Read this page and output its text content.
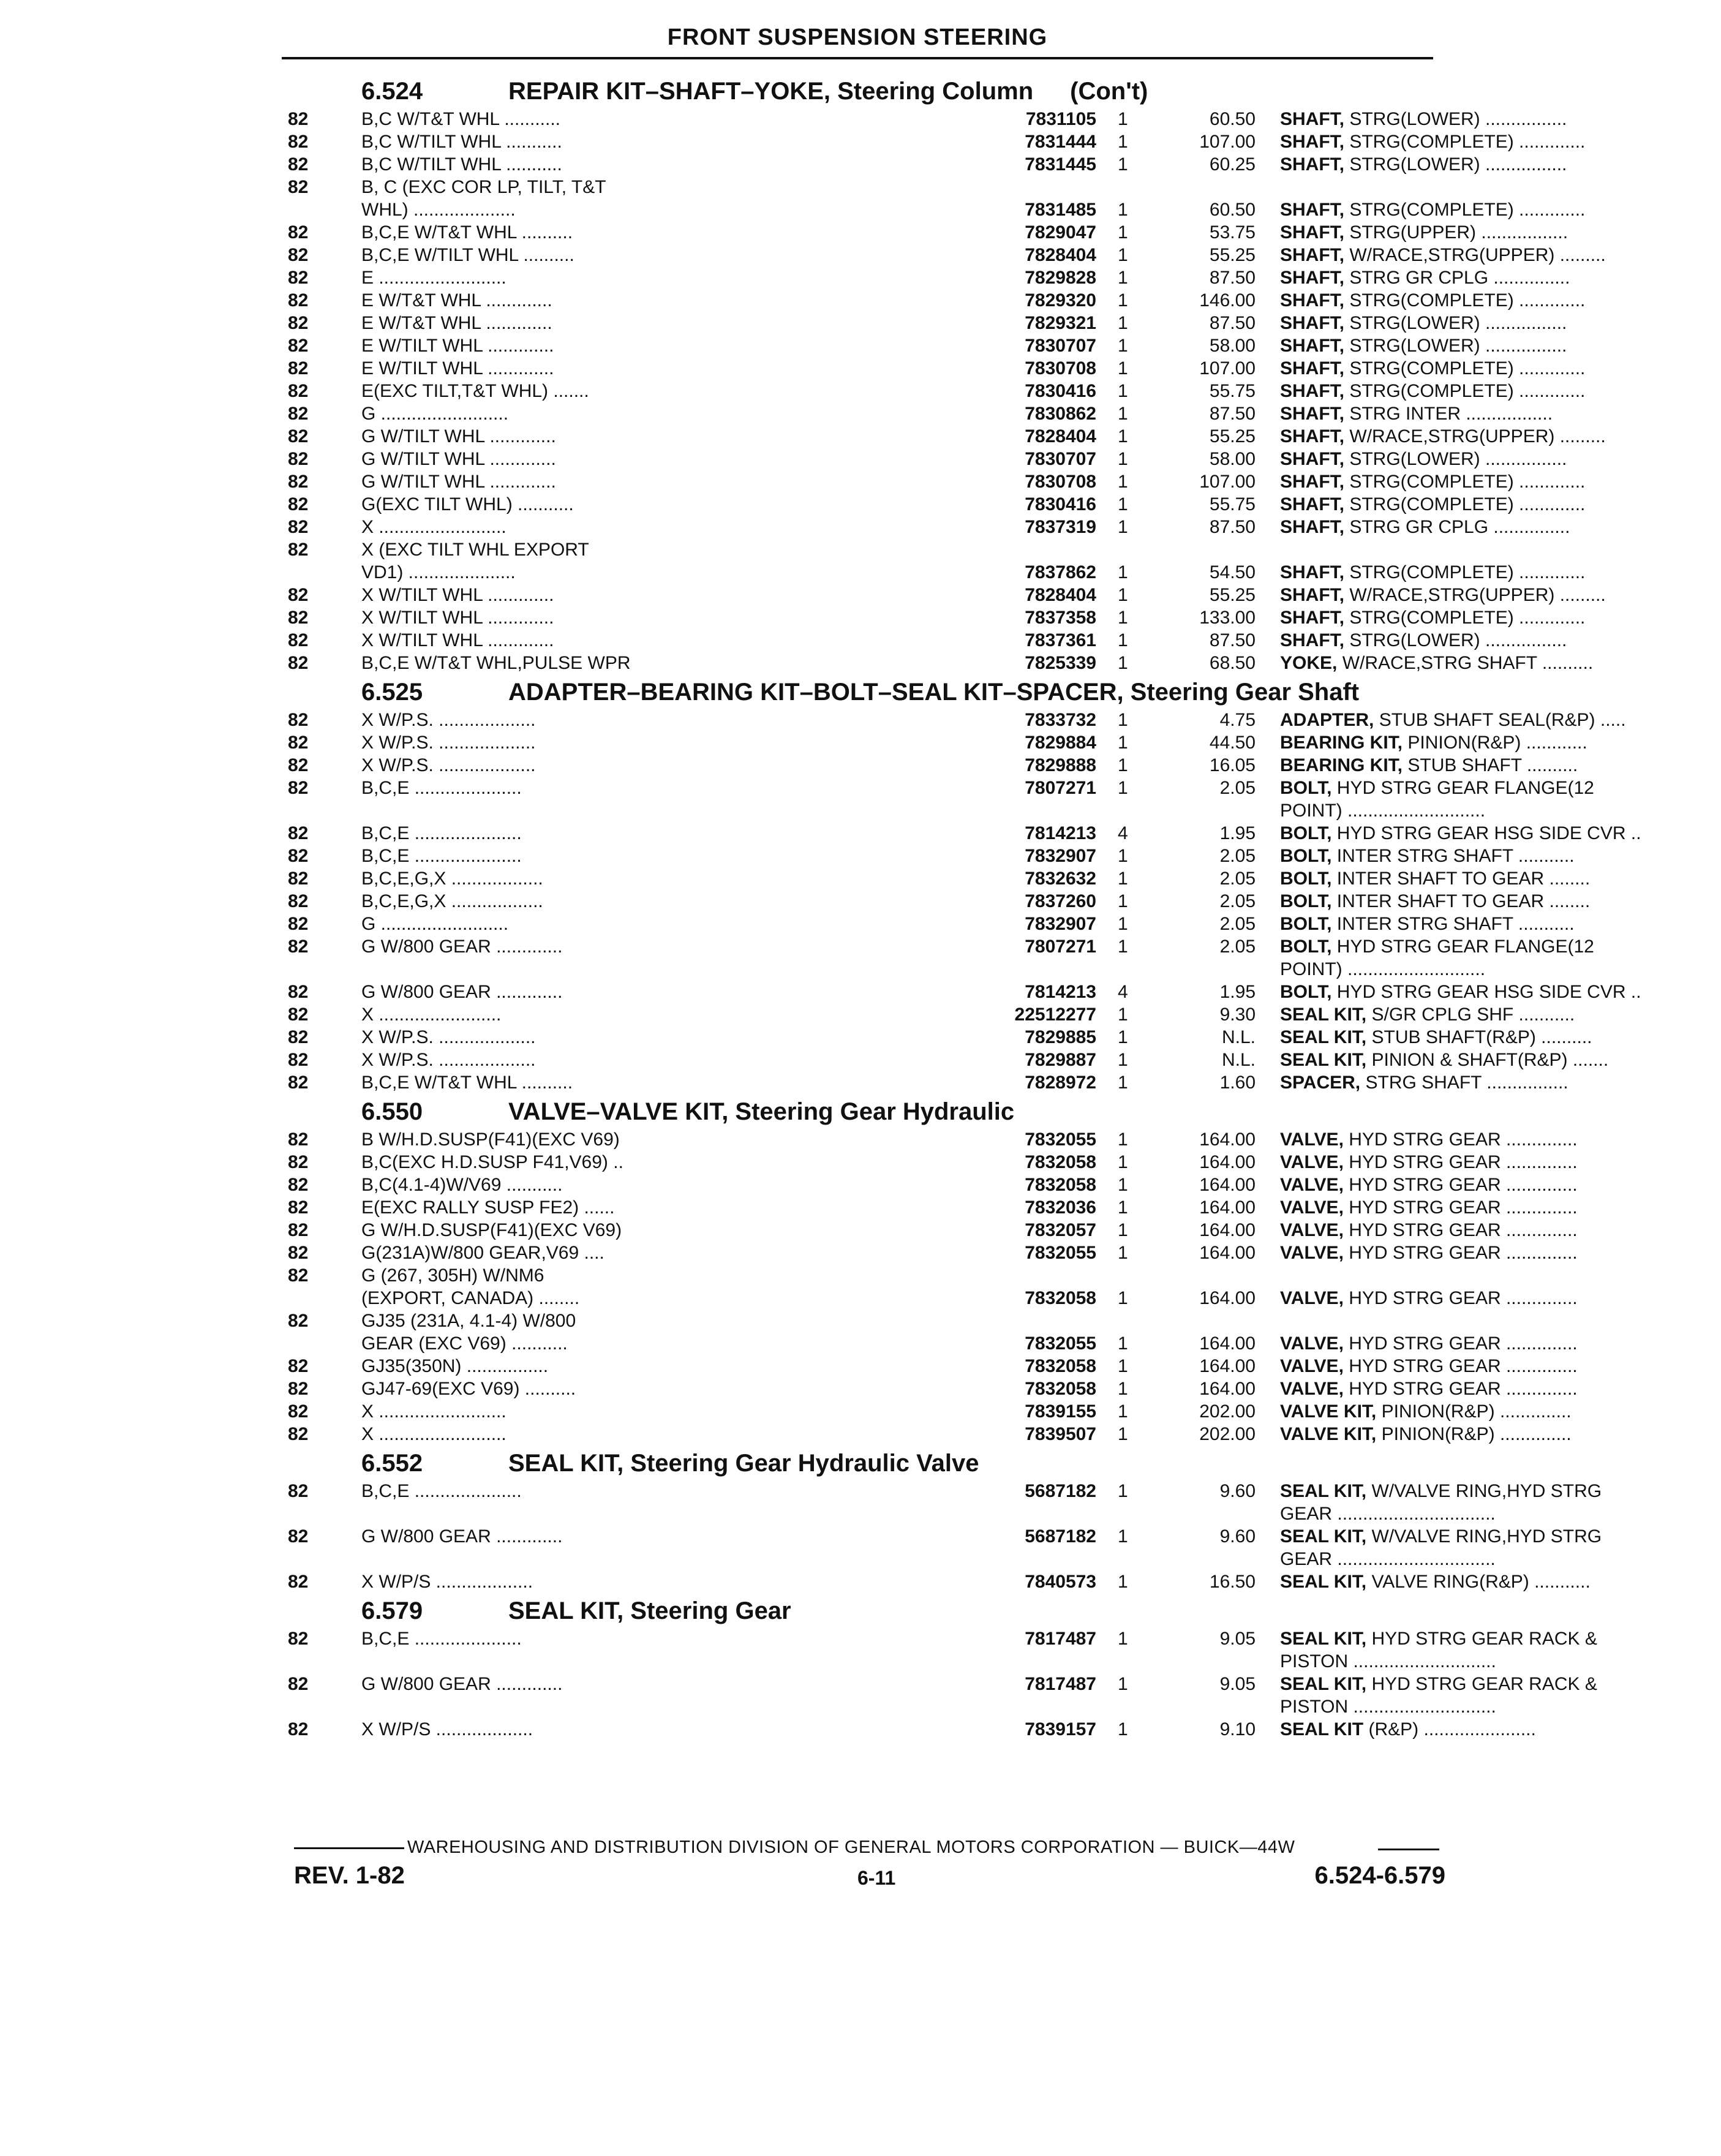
FRONT SUSPENSION STEERING
6.524	REPAIR KIT–SHAFT–YOKE, Steering Column (Con't)
82	B,C W/T&T WHL ...........	7831105 1	60.50 SHAFT, STRG(LOWER) ................
82	B,C W/TILT WHL ...........	7831444 1	107.00 SHAFT, STRG(COMPLETE) .............
82	B,C W/TILT WHL ...........	7831445 1	60.25 SHAFT, STRG(LOWER) ................
82	B, C (EXC COR LP, TILT, T&T
WHL) ....................	7831485 1	60.50 SHAFT, STRG(COMPLETE) .............
82	B,C,E W/T&T WHL ..........	7829047 1	53.75 SHAFT, STRG(UPPER) .................
82	B,C,E W/TILT WHL ..........	7828404 1	55.25 SHAFT, W/RACE,STRG(UPPER) .........
82	E .........................	7829828 1	87.50 SHAFT, STRG GR CPLG ...............
82	E W/T&T WHL .............	7829320 1	146.00 SHAFT, STRG(COMPLETE) .............
82	E W/T&T WHL .............	7829321 1	87.50 SHAFT, STRG(LOWER) ................
82	E W/TILT WHL .............	7830707 1	58.00 SHAFT, STRG(LOWER) ................
82	E W/TILT WHL .............	7830708 1	107.00 SHAFT, STRG(COMPLETE) .............
82	E(EXC TILT,T&T WHL) .......	7830416 1	55.75 SHAFT, STRG(COMPLETE) .............
82	G .........................	7830862 1	87.50 SHAFT, STRG INTER .................
82	G W/TILT WHL .............	7828404 1	55.25 SHAFT, W/RACE,STRG(UPPER) .........
82	G W/TILT WHL .............	7830707 1	58.00 SHAFT, STRG(LOWER) ................
82	G W/TILT WHL .............	7830708 1	107.00 SHAFT, STRG(COMPLETE) .............
82	G(EXC TILT WHL) ...........	7830416 1	55.75 SHAFT, STRG(COMPLETE) .............
82	X .........................	7837319 1	87.50 SHAFT, STRG GR CPLG ...............
82	X (EXC TILT WHL EXPORT
VD1) .....................	7837862 1	54.50 SHAFT, STRG(COMPLETE) .............
82	X W/TILT WHL .............	7828404 1	55.25 SHAFT, W/RACE,STRG(UPPER) .........
82	X W/TILT WHL .............	7837358 1	133.00 SHAFT, STRG(COMPLETE) .............
82	X W/TILT WHL .............	7837361 1	87.50 SHAFT, STRG(LOWER) ................
82	B,C,E W/T&T WHL,PULSE WPR	7825339 1	68.50 YOKE, W/RACE,STRG SHAFT ..........
6.525	ADAPTER–BEARING KIT–BOLT–SEAL KIT–SPACER, Steering Gear Shaft
82	X W/P.S. ...................	7833732 1	4.75 ADAPTER, STUB SHAFT SEAL(R&P) .....
82	X W/P.S. ...................	7829884 1	44.50 BEARING KIT, PINION(R&P) ............
82	X W/P.S. ...................	7829888 1	16.05 BEARING KIT, STUB SHAFT ..........
82	B,C,E .....................	7807271 1	2.05 BOLT, HYD STRG GEAR FLANGE(12
POINT) ...........................
82	B,C,E .....................	7814213 4	1.95 BOLT, HYD STRG GEAR HSG SIDE CVR ..
82	B,C,E .....................	7832907 1	2.05 BOLT, INTER STRG SHAFT ...........
82	B,C,E,G,X ..................	7832632 1	2.05 BOLT, INTER SHAFT TO GEAR ........
82	B,C,E,G,X ..................	7837260 1	2.05 BOLT, INTER SHAFT TO GEAR ........
82	G .........................	7832907 1	2.05 BOLT, INTER STRG SHAFT ...........
82	G W/800 GEAR .............	7807271 1	2.05 BOLT, HYD STRG GEAR FLANGE(12
POINT) ...........................
82	G W/800 GEAR .............	7814213 4	1.95 BOLT, HYD STRG GEAR HSG SIDE CVR ..
82	X ........................	22512277 1	9.30 SEAL KIT, S/GR CPLG SHF ...........
82	X W/P.S. ...................	7829885 1	N.L. SEAL KIT, STUB SHAFT(R&P) ..........
82	X W/P.S. ...................	7829887 1	N.L. SEAL KIT, PINION & SHAFT(R&P) .......
82	B,C,E W/T&T WHL ..........	7828972 1	1.60 SPACER, STRG SHAFT ................
6.550	VALVE–VALVE KIT, Steering Gear Hydraulic
82	B W/H.D.SUSP(F41)(EXC V69)	7832055 1	164.00 VALVE, HYD STRG GEAR ..............
82	B,C(EXC H.D.SUSP F41,V69) ..	7832058 1	164.00 VALVE, HYD STRG GEAR ..............
82	B,C(4.1-4)W/V69 ...........	7832058 1	164.00 VALVE, HYD STRG GEAR ..............
82	E(EXC RALLY SUSP FE2) ......	7832036 1	164.00 VALVE, HYD STRG GEAR ..............
82	G W/H.D.SUSP(F41)(EXC V69)	7832057 1	164.00 VALVE, HYD STRG GEAR ..............
82	G(231A)W/800 GEAR,V69 ....	7832055 1	164.00 VALVE, HYD STRG GEAR ..............
82	G (267, 305H) W/NM6
(EXPORT, CANADA) ........	7832058 1	164.00 VALVE, HYD STRG GEAR ..............
82	GJ35 (231A, 4.1-4) W/800
GEAR (EXC V69) ...........	7832055 1	164.00 VALVE, HYD STRG GEAR ..............
82	GJ35(350N) ................	7832058 1	164.00 VALVE, HYD STRG GEAR ..............
82	GJ47-69(EXC V69) ..........	7832058 1	164.00 VALVE, HYD STRG GEAR ..............
82	X .........................	7839155 1	202.00 VALVE KIT, PINION(R&P) ..............
82	X .........................	7839507 1	202.00 VALVE KIT, PINION(R&P) ..............
6.552	SEAL KIT, Steering Gear Hydraulic Valve
82	B,C,E .....................	5687182 1	9.60 SEAL KIT, W/VALVE RING,HYD STRG
GEAR ...............................
82	G W/800 GEAR .............	5687182 1	9.60 SEAL KIT, W/VALVE RING,HYD STRG
GEAR ...............................
82	X W/P/S ...................	7840573 1	16.50 SEAL KIT, VALVE RING(R&P) ...........
6.579	SEAL KIT, Steering Gear
82	B,C,E .....................	7817487 1	9.05 SEAL KIT, HYD STRG GEAR RACK &
PISTON ............................
82	G W/800 GEAR .............	7817487 1	9.05 SEAL KIT, HYD STRG GEAR RACK &
PISTON ............................
82	X W/P/S ...................	7839157 1	9.10 SEAL KIT (R&P) ......................
WAREHOUSING AND DISTRIBUTION DIVISION OF GENERAL MOTORS CORPORATION — BUICK—44W
REV. 1-82	6-11	6.524-6.579
